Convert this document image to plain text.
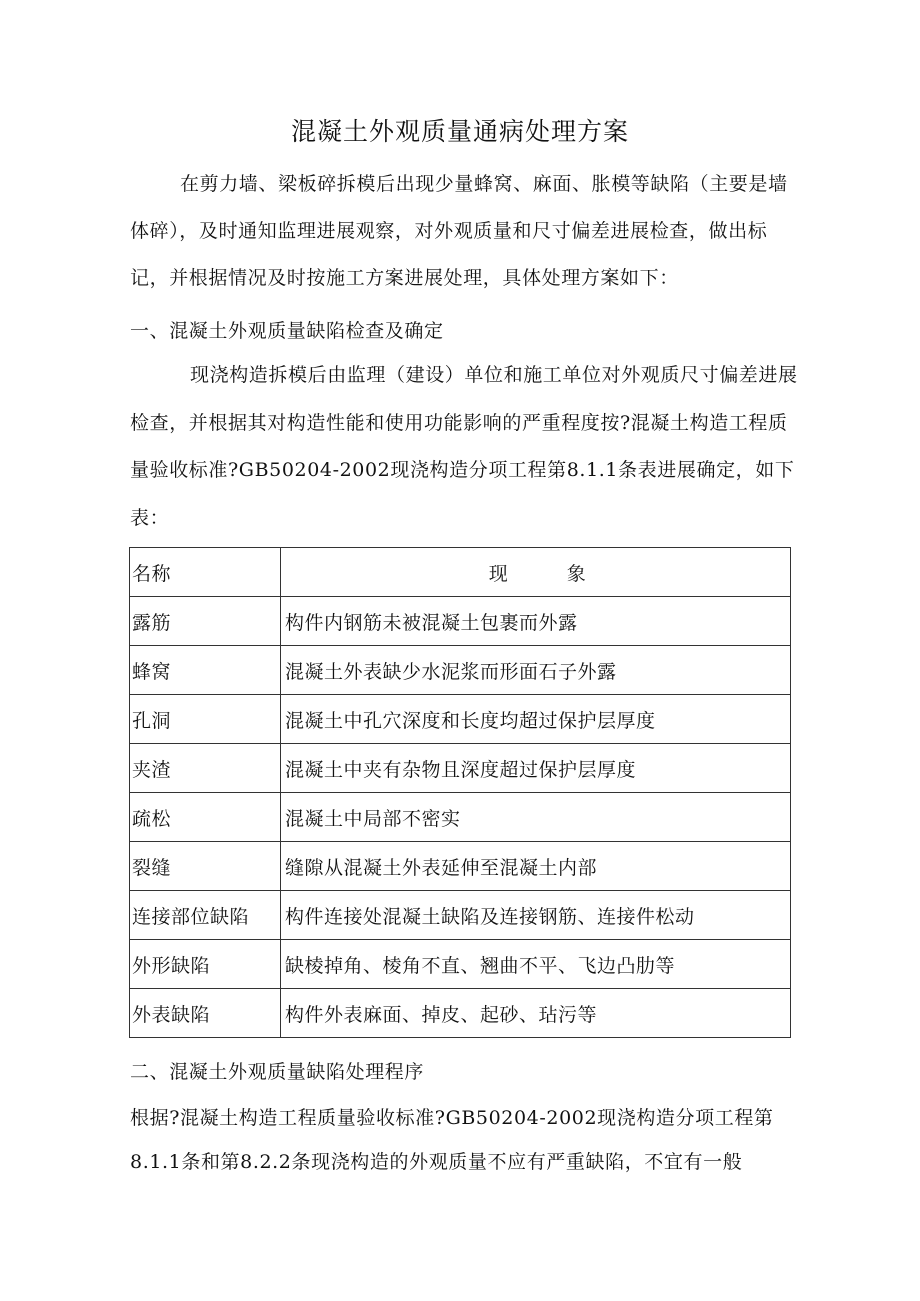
混凝土外观质量通病处理方案
在剪力墙、梁板碎拆模后出现少量蜂窝、麻面、胀模等缺陷（主要是墙体碎），及时通知监理进展观察，对外观质量和尺寸偏差进展检查，做出标记，并根据情况及时按施工方案进展处理，具体处理方案如下：
一、混凝土外观质量缺陷检查及确定
现浇构造拆模后由监理（建设）单位和施工单位对外观质尺寸偏差进展检查，并根据其对构造性能和使用功能影响的严重程度按?混凝土构造工程质量验收标准?GB50204-2002现浇构造分项工程第8.1.1条表进展确定，如下表：
名称	现　　　象
露筋	构件内钢筋未被混凝土包裹而外露
蜂窝	混凝土外表缺少水泥浆而形面石子外露
孔洞	混凝土中孔穴深度和长度均超过保护层厚度
夹渣	混凝土中夹有杂物且深度超过保护层厚度
疏松	混凝土中局部不密实
裂缝	缝隙从混凝土外表延伸至混凝土内部
连接部位缺陷	构件连接处混凝土缺陷及连接钢筋、连接件松动
外形缺陷	缺棱掉角、棱角不直、翘曲不平、飞边凸肋等
外表缺陷	构件外表麻面、掉皮、起砂、玷污等
二、混凝土外观质量缺陷处理程序
根据?混凝土构造工程质量验收标准?GB50204-2002现浇构造分项工程第8.1.1条和第8.2.2条现浇构造的外观质量不应有严重缺陷，不宜有一般
